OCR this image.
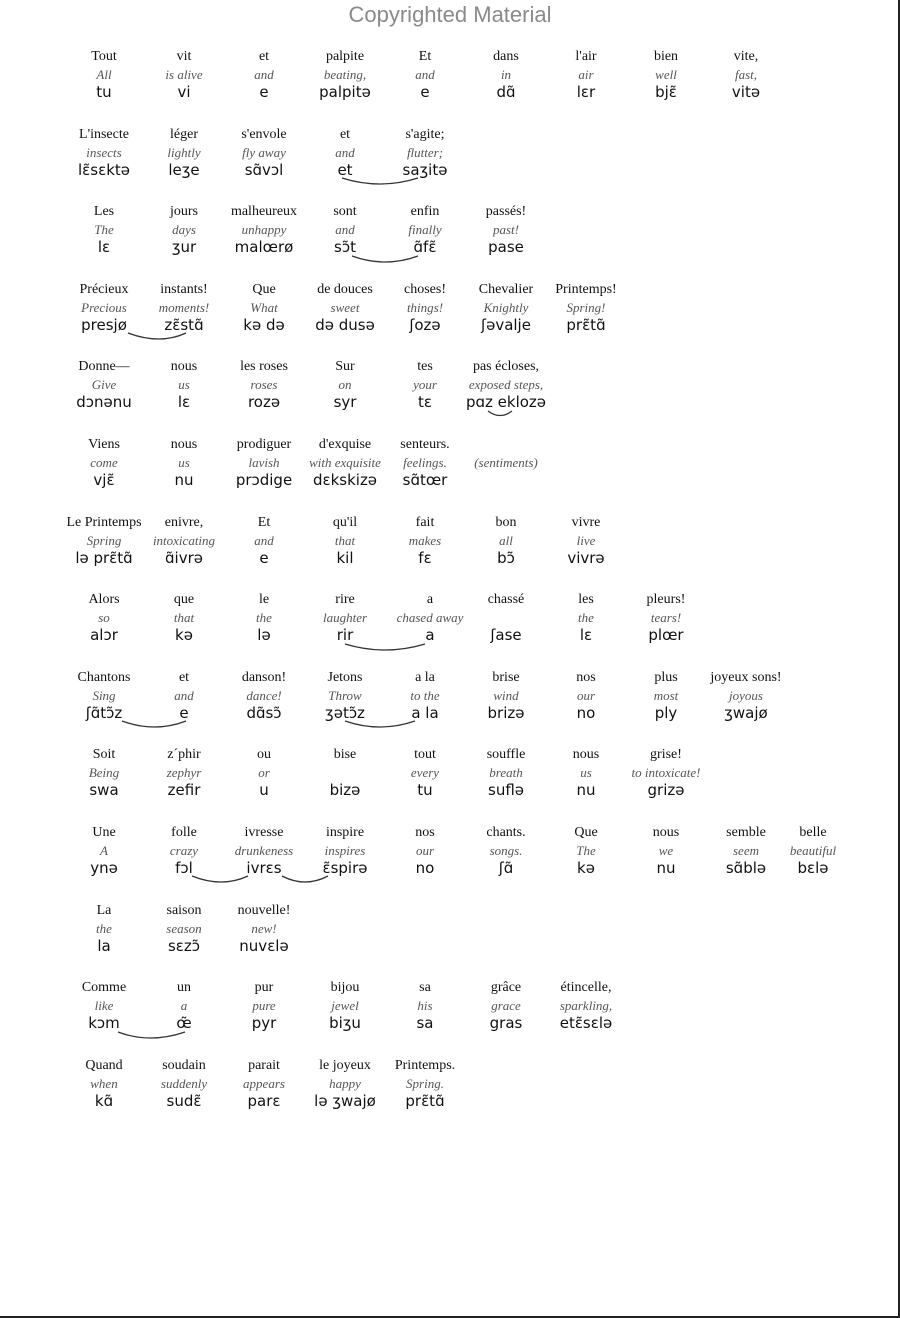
Copyrighted Material
Tout
All
tu
vit
is alive
vi
et
and
e
palpite
beating,
palpitə
Et
and
e
dans
in
dɑ̃
l'air
air
lɛr
bien
well
bjɛ̃
vite,
fast,
vitə
L'insecte
insects
lɛ̃sɛktə
léger
lightly
leʒe
s'envole
fly away
sɑ̃vɔl
et
and
et
s'agite;
flutter;
saʒitə
Les
The
lɛ
jours
days
ʒur
malheureux
unhappy
malœrø
sont
and
sɔ̃t
enfin
finally
ɑ̃fɛ̃
passés!
past!
pase
Précieux
Precious
presjø
instants!
moments!
zɛ̃stɑ̃
Que
What
kə də
de douces
sweet
də dusə
choses!
things!
ʃozə
Chevalier
Knightly
ʃəvalje
Printemps!
Spring!
prɛ̃tɑ̃
Donne—
Give
dɔnənu
nous
us
lɛ
les roses
roses
rozə
Sur
on
syr
tes
your
tɛ
pas écloses,
exposed steps,
pɑz eklozə
Viens
come
vjɛ̃
nous
us
nu
prodiguer
lavish
prɔdige
d'exquise
with exquisite
dɛkskizə
senteurs.
feelings.
sɑ̃tœr
(sentiments)
Le Printemps
Spring
lə prɛ̃tɑ̃
enivre,
intoxicating
ɑ̃ivrə
Et
and
e
qu'il
that
kil
fait
makes
fɛ
bon
all
bɔ̃
vivre
live
vivrə
Alors
so
alɔr
que
that
kə
le
the
lə
rire
laughter
rir
a
chased away
a
chassé
ʃase
les
the
lɛ
pleurs!
tears!
plœr
Chantons
Sing
ʃɑ̃tɔ̃z
et
and
e
danson!
dance!
dɑ̃sɔ̃
Jetons
Throw
ʒətɔ̃z
a la
to the
a la
brise
wind
brizə
nos
our
no
plus
most
ply
joyeux sons!
joyous
ʒwajø
Soit
Being
swa
z´phir
zephyr
zefir
ou
or
u
bise
bizə
tout
every
tu
souffle
breath
suflə
nous
us
nu
grise!
to intoxicate!
grizə
Une
A
ynə
folle
crazy
fɔl
ivresse
drunkeness
ivrɛs
inspire
inspires
ɛ̃spirə
nos
our
no
chants.
songs.
ʃɑ̃
Que
The
kə
nous
we
nu
semble
seem
sɑ̃blə
belle
beautiful
bɛlə
La
the
la
saison
season
sɛzɔ̃
nouvelle!
new!
nuvɛlə
Comme
like
kɔm
un
a
œ̃
pur
pure
pyr
bijou
jewel
biʒu
sa
his
sa
grâce
grace
gras
étincelle,
sparkling,
etɛ̃sɛlə
Quand
when
kɑ̃
soudain
suddenly
sudɛ̃
parait
appears
parɛ
le joyeux
happy
lə ʒwajø
Printemps.
Spring.
prɛ̃tɑ̃
